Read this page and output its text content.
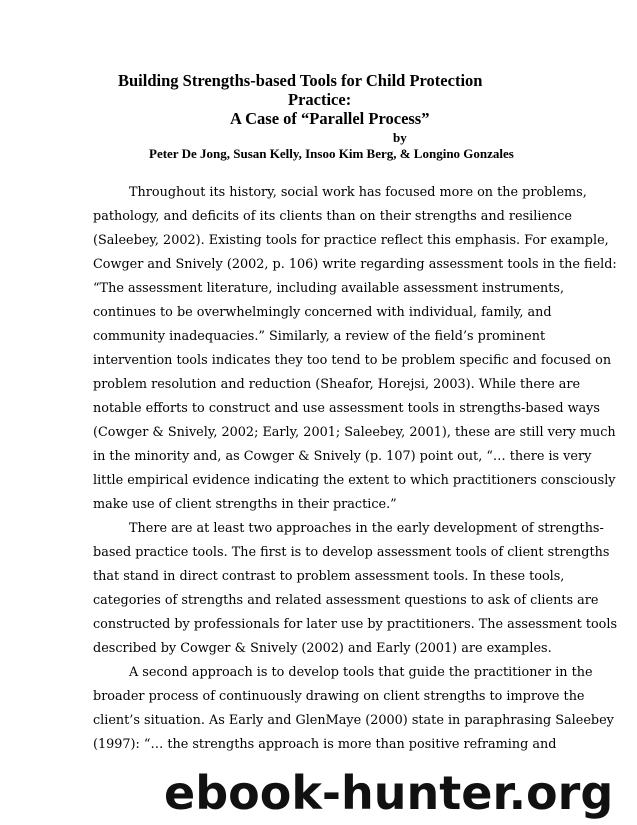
Building Strengths-based Tools for Child Protection
Practice:
A Case of “Parallel Process”
by
Peter De Jong, Susan Kelly, Insoo Kim Berg, & Longino Gonzales
Throughout its history, social work has focused more on the problems,
pathology, and deficits of its clients than on their strengths and resilience
(Saleebey, 2002). Existing tools for practice reflect this emphasis. For example,
Cowger and Snively (2002, p. 106) write regarding assessment tools in the field:
“The assessment literature, including available assessment instruments,
continues to be overwhelmingly concerned with individual, family, and
community inadequacies.” Similarly, a review of the field’s prominent
intervention tools indicates they too tend to be problem specific and focused on
problem resolution and reduction (Sheafor, Horejsi, 2003). While there are
notable efforts to construct and use assessment tools in strengths-based ways
(Cowger & Snively, 2002; Early, 2001; Saleebey, 2001), these are still very much
in the minority and, as Cowger & Snively (p. 107) point out, “… there is very
little empirical evidence indicating the extent to which practitioners consciously
make use of client strengths in their practice.”
There are at least two approaches in the early development of strengths-
based practice tools. The first is to develop assessment tools of client strengths
that stand in direct contrast to problem assessment tools. In these tools,
categories of strengths and related assessment questions to ask of clients are
constructed by professionals for later use by practitioners. The assessment tools
described by Cowger & Snively (2002) and Early (2001) are examples.
A second approach is to develop tools that guide the practitioner in the
broader process of continuously drawing on client strengths to improve the
client’s situation. As Early and GlenMaye (2000) state in paraphrasing Saleebey
(1997): “… the strengths approach is more than positive reframing and
ebook-hunter.org
